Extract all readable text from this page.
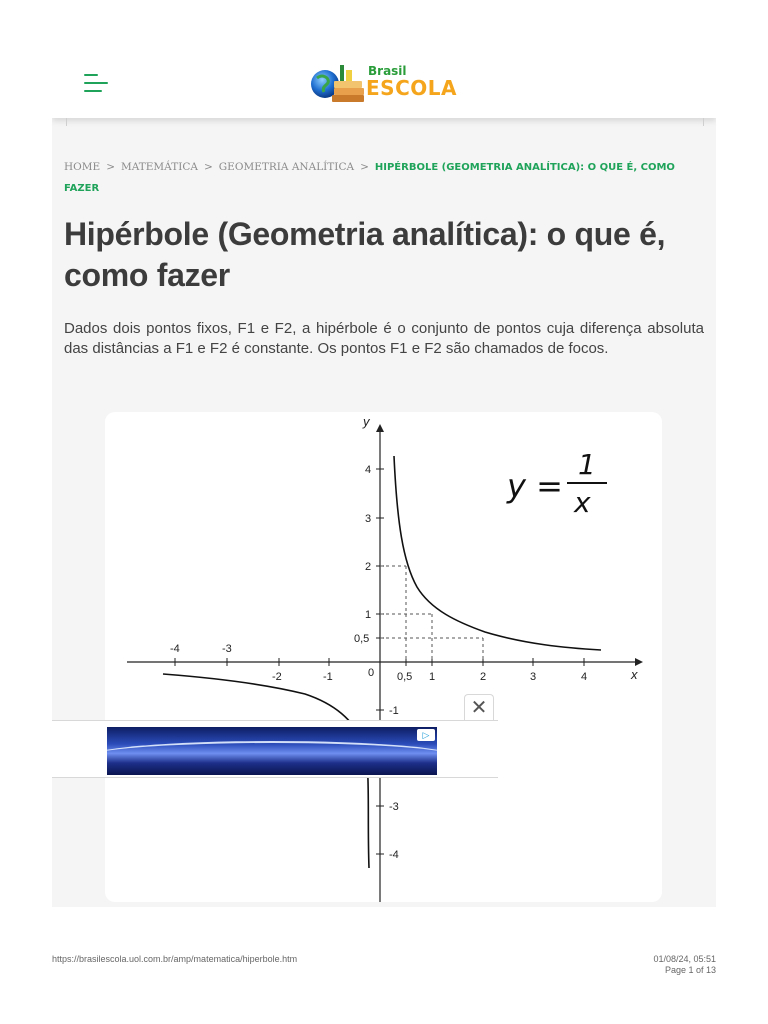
Brasil
ESCOLA
HOME > MATEMÁTICA > GEOMETRIA ANALÍTICA > HIPÉRBOLE (GEOMETRIA ANALÍTICA): O QUE É, COMO FAZER
Hipérbole (Geometria analítica): o que é, como fazer

Dados dois pontos fixos, F1 e F2, a hipérbole é o conjunto de pontos cuja diferença absoluta das distâncias a F1 e F2 é constante. Os pontos F1 e F2 são chamados de focos.

y
x
0 0,5 1	2	3	4
-1
-2
-3
-4
0,5
1
2
3
4
-1
-3
-4
y =
1
x
✕
▷
https://brasilescola.uol.com.br/amp/matematica/hiperbole.htm	01/08/24, 05:51
Page 1 of 13
